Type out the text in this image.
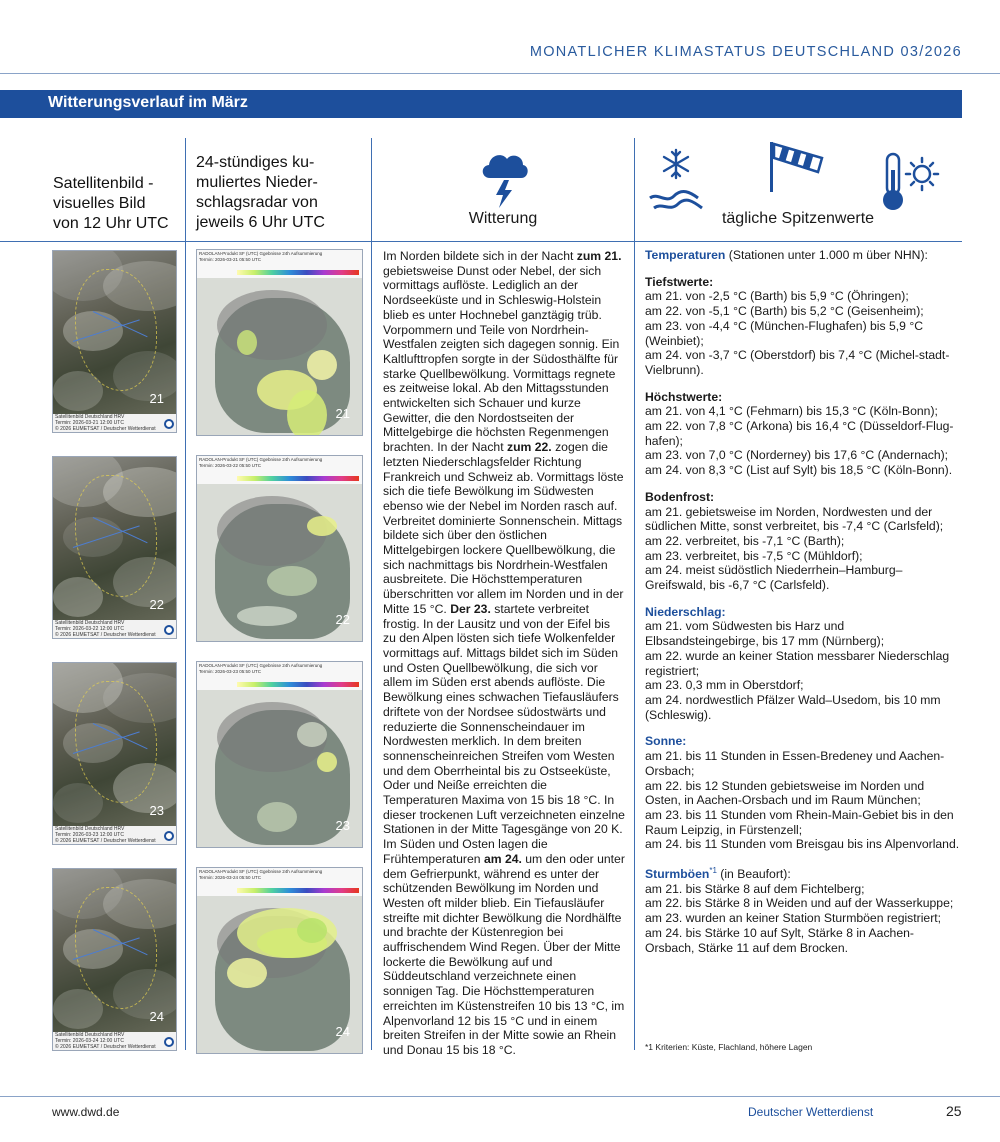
MONATLICHER KLIMASTATUS DEUTSCHLAND 03/2026
Witterungsverlauf im März
Satellitenbild -
visuelles Bild
von 12 Uhr UTC
24-stündiges ku-
muliertes Nieder-
schlagsradar von
jeweils 6 Uhr UTC	Witterung	tägliche Spitzenwerte
21
Satellitenbild Deutschland HRV
Termin: 2026-03-21 12:00 UTC
© 2026 EUMETSAT / Deutscher Wetterdienst
RADOLAN-Produkt SF (UTC) Ggebnisse 24h Aufsummierung
Termin: 2026-03-21 05:50 UTC
21
22
Satellitenbild Deutschland HRV
Termin: 2026-03-22 12:00 UTC
© 2026 EUMETSAT / Deutscher Wetterdienst
RADOLAN-Produkt SF (UTC) Ggebnisse 24h Aufsummierung
Termin: 2026-03-22 05:50 UTC
22
23
Satellitenbild Deutschland HRV
Termin: 2026-03-23 12:00 UTC
© 2026 EUMETSAT / Deutscher Wetterdienst
RADOLAN-Produkt SF (UTC) Ggebnisse 24h Aufsummierung
Termin: 2026-03-23 05:50 UTC
23
24
Satellitenbild Deutschland HRV
Termin: 2026-03-24 12:00 UTC
© 2026 EUMETSAT / Deutscher Wetterdienst
RADOLAN-Produkt SF (UTC) Ggebnisse 24h Aufsummierung
Termin: 2026-03-24 05:50 UTC
24
Im Norden bildete sich in der Nacht zum 21. gebietsweise Dunst oder Nebel, der sich vormittags auflöste. Lediglich an der Nordseeküste und in Schleswig-Holstein blieb es unter Hochnebel ganztägig trüb. Vorpommern und Teile von Nordrhein-Westfalen zeigten sich dagegen sonnig. Ein Kaltlufttropfen sorgte in der Südosthälfte für starke Quellbewölkung. Vormittags regnete es zeitweise lokal. Ab den Mittagsstunden entwickelten sich Schauer und kurze Gewitter, die den Nordostseiten der Mittelgebirge die höchsten Regenmengen brachten. In der Nacht zum 22. zogen die letzten Niederschlagsfelder Richtung Frankreich und Schweiz ab. Vormittags löste sich die tiefe Bewölkung im Südwesten ebenso wie der Nebel im Norden rasch auf. Verbreitet dominierte Sonnenschein. Mittags bildete sich über den östlichen Mittelgebirgen lockere Quellbewölkung, die sich nachmittags bis Nordrhein-Westfalen ausbreitete. Die Höchsttemperaturen überschritten vor allem im Norden und in der Mitte 15 °C. Der 23. startete verbreitet frostig. In der Lausitz und von der Eifel bis zu den Alpen lösten sich tiefe Wolkenfelder vormittags auf. Mittags bildet sich im Süden und Osten Quellbewölkung, die sich vor allem im Süden erst abends auflöste. Die Bewölkung eines schwachen Tiefausläufers driftete von der Nordsee südostwärts und reduzierte die Sonnenscheindauer im Nordwesten merklich. In dem breiten sonnenscheinreichen Streifen vom Westen und dem Oberrheintal bis zu Ostseeküste, Oder und Neiße erreichten die Temperaturen Maxima von 15 bis 18 °C. In dieser trockenen Luft verzeichneten einzelne Stationen in der Mitte Tagesgänge von 20 K. Im Süden und Osten lagen die Frühtemperaturen am 24. um den oder unter dem Gefrierpunkt, während es unter der schützenden Bewölkung im Norden und Westen oft milder blieb. Ein Tiefausläufer streifte mit dichter Bewölkung die Nordhälfte und brachte der Küstenregion bei auffrischendem Wind Regen. Über der Mitte lockerte die Bewölkung auf und Süddeutschland verzeichnete einen sonnigen Tag. Die Höchsttemperaturen erreichten im Küstenstreifen 10 bis 13 °C, im Alpenvorland 12 bis 15 °C und in einem breiten Streifen in der Mitte sowie an Rhein und Donau 15 bis 18 °C.
Temperaturen (Stationen unter 1.000 m über NHN):
Tiefstwerte:
am 21. von -2,5 °C (Barth) bis 5,9 °C (Öhringen);
am 22. von -5,1 °C (Barth) bis 5,2 °C (Geisenheim);
am 23. von -4,4 °C (München-Flughafen) bis 5,9 °C (Weinbiet);
am 24. von -3,7 °C (Oberstdorf) bis 7,4 °C (Michel-stadt-Vielbrunn).
Höchstwerte:
am 21. von 4,1 °C (Fehmarn) bis 15,3 °C (Köln-Bonn);
am 22. von 7,8 °C (Arkona) bis 16,4 °C (Düsseldorf-Flug-hafen);
am 23. von 7,0 °C (Norderney) bis 17,6 °C (Andernach);
am 24. von 8,3 °C (List auf Sylt) bis 18,5 °C (Köln-Bonn).
Bodenfrost:
am 21. gebietsweise im Norden, Nordwesten und der südlichen Mitte, sonst verbreitet, bis -7,4 °C (Carlsfeld);
am 22. verbreitet, bis -7,1 °C (Barth);
am 23. verbreitet, bis -7,5 °C (Mühldorf);
am 24. meist südöstlich Niederrhein–Hamburg–Greifswald, bis -6,7 °C (Carlsfeld).
Niederschlag:
am 21. vom Südwesten bis Harz und Elbsandsteingebirge, bis 17 mm (Nürnberg);
am 22. wurde an keiner Station messbarer Niederschlag registriert;
am 23. 0,3 mm in Oberstdorf;
am 24. nordwestlich Pfälzer Wald–Usedom, bis 10 mm (Schleswig).
Sonne:
am 21. bis 11 Stunden in Essen-Bredeney und Aachen-Orsbach;
am 22. bis 12 Stunden gebietsweise im Norden und Osten, in Aachen-Orsbach und im Raum München;
am 23. bis 11 Stunden vom Rhein-Main-Gebiet bis in den Raum Leipzig, in Fürstenzell;
am 24. bis 11 Stunden vom Breisgau bis ins Alpenvorland.
Sturmböen$^{*1}$ (in Beaufort):
am 21. bis Stärke 8 auf dem Fichtelberg;
am 22. bis Stärke 8 in Weiden und auf der Wasserkuppe;
am 23. wurden an keiner Station Sturmböen registriert;
am 24. bis Stärke 10 auf Sylt, Stärke 8 in Aachen-Orsbach, Stärke 11 auf dem Brocken.
*1 Kriterien: Küste, Flachland, höhere Lagen
www.dwd.de	Deutscher Wetterdienst	25
